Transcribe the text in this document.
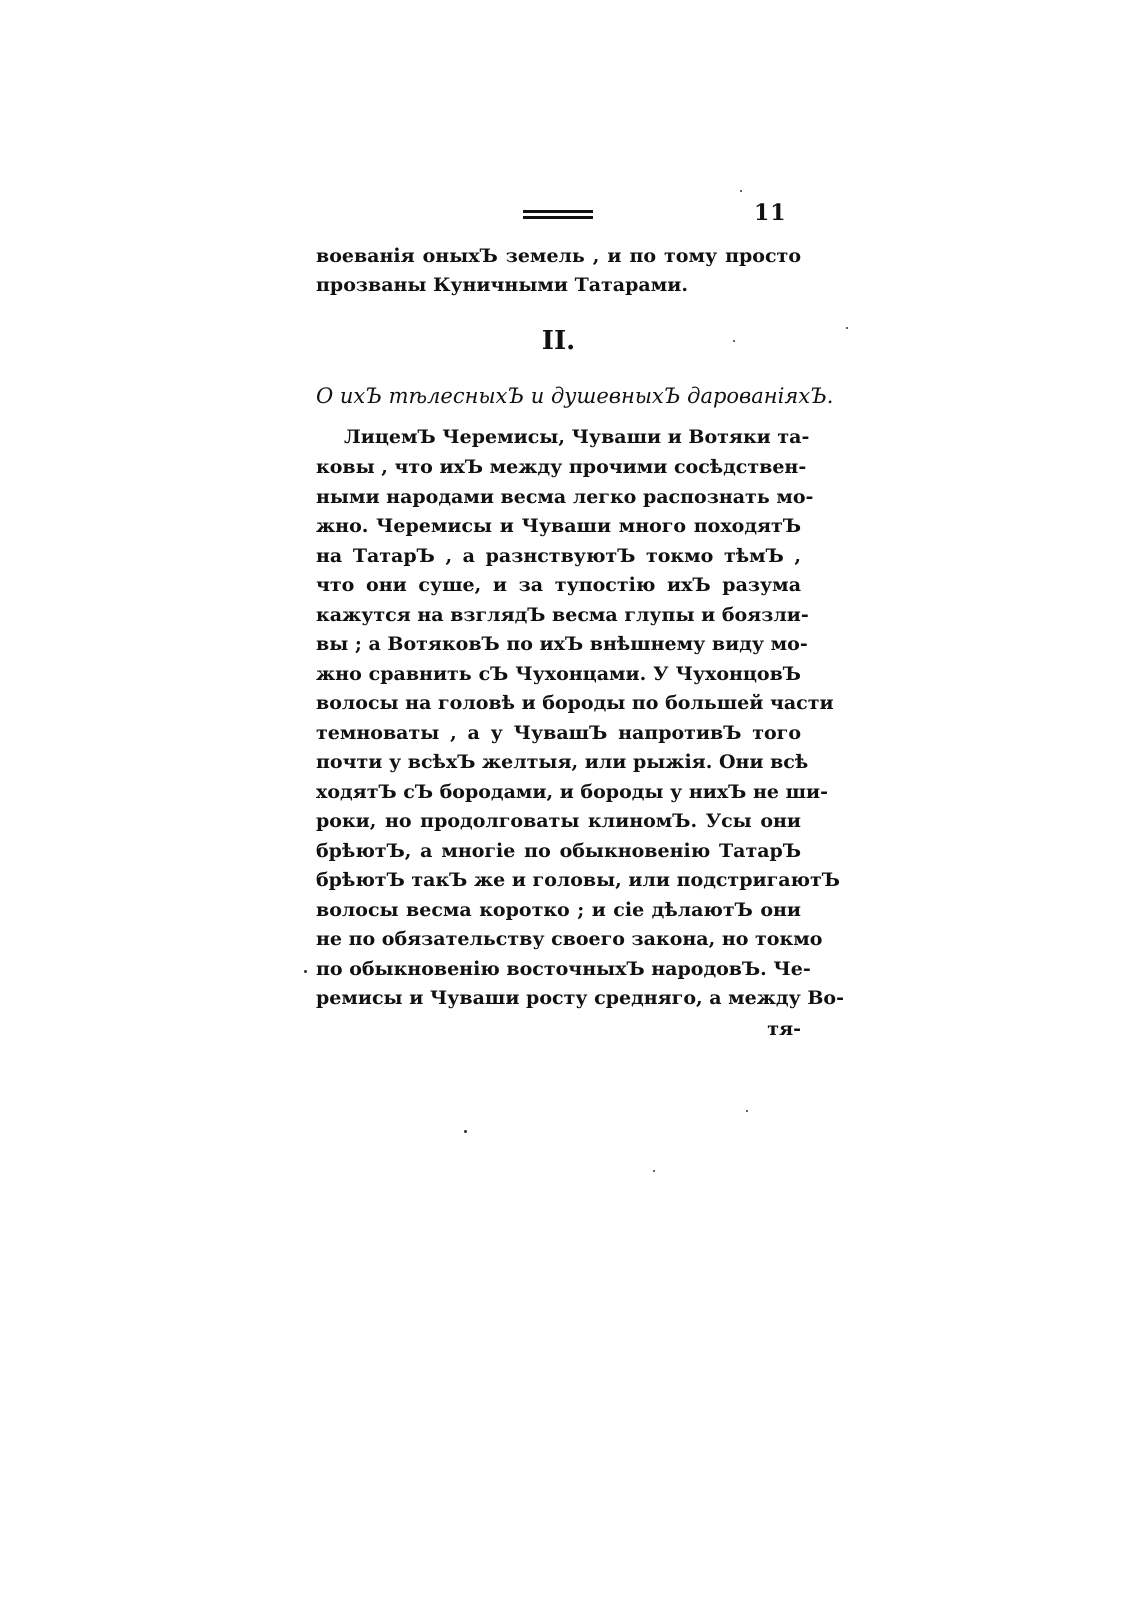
11
воеванія оныхЪ земель , и по тому просто
прозваны Куничными Татарами.
II.
О ихЪ тѣлесныхЪ и душевныхЪ дарованіяхЪ.
ЛицемЪ Черемисы, Чуваши и Вотяки та-
ковы , что ихЪ между прочими сосѣдствен-
ными народами весма легко распознать мо-
жно. Черемисы и Чуваши много походятЪ
на ТатарЪ , а разнствуютЪ токмо тѣмЪ ,
что они суше, и за тупостію ихЪ разума
кажутся на взглядЪ весма глупы и боязли-
вы ; а ВотяковЪ по ихЪ внѣшнему виду мо-
жно сравнить сЪ Чухонцами. У ЧухонцовЪ
волосы на головѣ и бороды по большей части
темноваты , а у ЧувашЪ напротивЪ того
почти у всѣхЪ желтыя, или рыжія. Они всѣ
ходятЪ сЪ бородами, и бороды у нихЪ не ши-
роки, но продолговаты клиномЪ. Усы они
брѣютЪ, а многіе по обыкновенію ТатарЪ
брѣютЪ такЪ же и головы, или подстригаютЪ
волосы весма коротко ; и сіе дѣлаютЪ они
не по обязательству своего закона, но токмо
по обыкновенію восточныхЪ народовЪ. Че-
ремисы и Чуваши росту средняго, а между Во-
тя-
